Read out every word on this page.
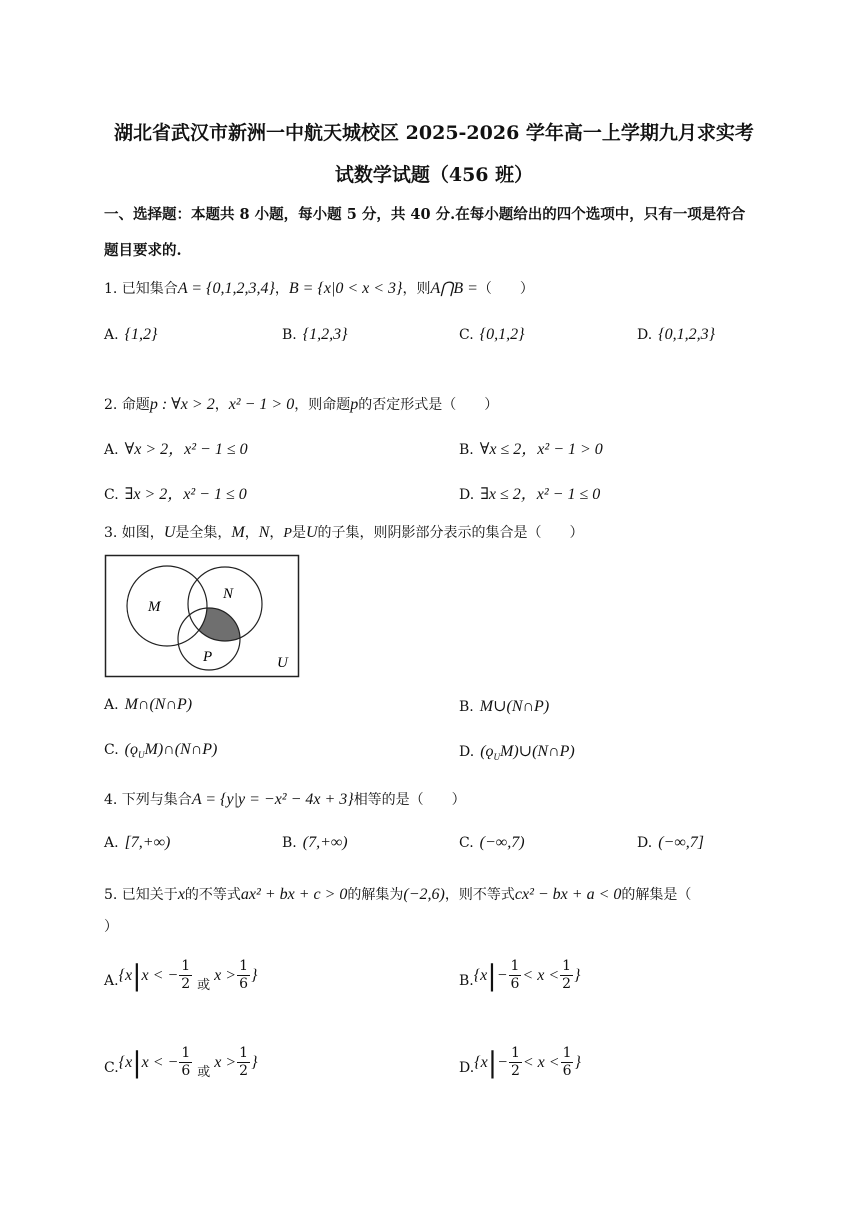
湖北省武汉市新洲一中航天城校区 2025-2026 学年高一上学期九月求实考
试数学试题（456 班）
一、选择题：本题共 8 小题，每小题 5 分，共 40 分.在每小题给出的四个选项中，只有一项是符合
题目要求的.
1. 已知集合A = {0,1,2,3,4}，B = {x|0 < x < 3}，则A⋂B =（　　）
A. {1,2}	B. {1,2,3}	C. {0,1,2}	D. {0,1,2,3}
2. 命题p : ∀x > 2，x² − 1 > 0，则命题p的否定形式是（　　）
A. ∀x > 2，x² − 1 ≤ 0	B. ∀x ≤ 2，x² − 1 > 0
C. ∃x > 2，x² − 1 ≤ 0	D. ∃x ≤ 2，x² − 1 ≤ 0
3. 如图，U是全集，M，N，P是U的子集，则阴影部分表示的集合是（　　）
M
N
P	U
A. M∩(N∩P)	B. M∪(N∩P)
C. $(ǫ_UM)\cap(N\cap P)$	D. $(ǫ_UM)\cup(N\cap P)$
4. 下列与集合A = {y|y = −x² − 4x + 3}相等的是（　　）
A. [7,+∞)	B. (7,+∞)	C. (−∞,7)	D. (−∞,7]
5. 已知关于x的不等式ax² + bx + c > 0的解集为(−2,6)，则不等式cx² − bx + a < 0的解集是（
）
A. { x | x < − $\frac{1}{2}$ 或
$x > \frac{1}{6}$ }	B. { x | − $\frac{1}{6} < x < \frac{1}{2}$ }
C. { x | x < − $\frac{1}{6}$ 或
$x > \frac{1}{2}$ }	D. { x | − $\frac{1}{2} < x < \frac{1}{6}$ }
